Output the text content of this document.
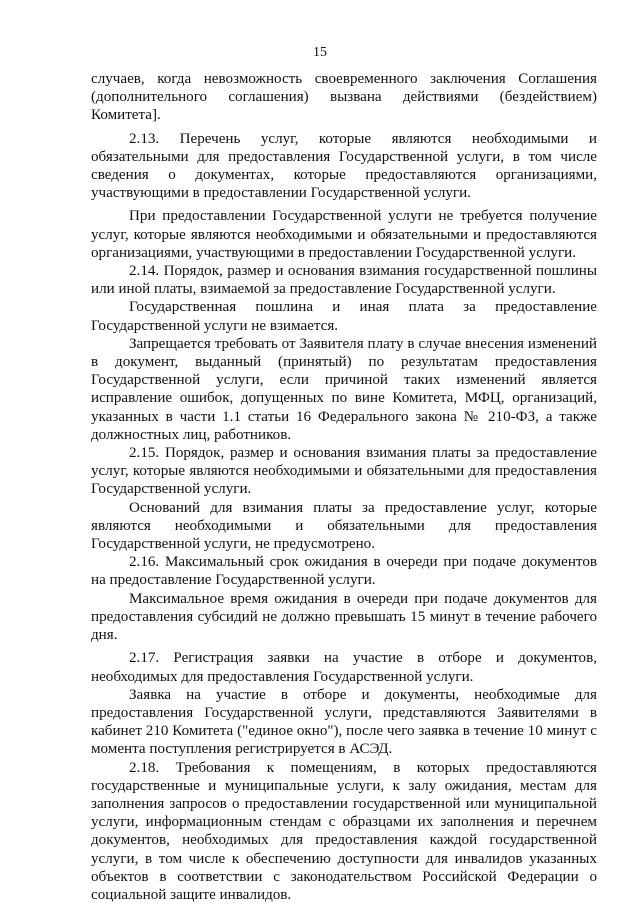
15

случаев, когда невозможность своевременного заключения Соглашения (дополнительного соглашения) вызвана действиями (бездействием) Комитета].

2.13. Перечень услуг, которые являются необходимыми и обязательными для предоставления Государственной услуги, в том числе сведения о документах, которые предоставляются организациями, участвующими в предоставлении Государственной услуги.

При предоставлении Государственной услуги не требуется получение услуг, которые являются необходимыми и обязательными и предоставляются организациями, участвующими в предоставлении Государственной услуги.

2.14. Порядок, размер и основания взимания государственной пошлины или иной платы, взимаемой за предоставление Государственной услуги.

Государственная пошлина и иная плата за предоставление Государственной услуги не взимается.

Запрещается требовать от Заявителя плату в случае внесения изменений в документ, выданный (принятый) по результатам предоставления Государственной услуги, если причиной таких изменений является исправление ошибок, допущенных по вине Комитета, МФЦ, организаций, указанных в части 1.1 статьи 16 Федерального закона № 210-ФЗ, а также должностных лиц, работников.

2.15. Порядок, размер и основания взимания платы за предоставление услуг, которые являются необходимыми и обязательными для предоставления Государственной услуги.

Оснований для взимания платы за предоставление услуг, которые являются необходимыми и обязательными для предоставления Государственной услуги, не предусмотрено.

2.16. Максимальный срок ожидания в очереди при подаче документов на предоставление Государственной услуги.

Максимальное время ожидания в очереди при подаче документов для предоставления субсидий не должно превышать 15 минут в течение рабочего дня.

2.17. Регистрация заявки на участие в отборе и документов, необходимых для предоставления Государственной услуги.

Заявка на участие в отборе и документы, необходимые для предоставления Государственной услуги, представляются Заявителями в кабинет 210 Комитета ("единое окно"), после чего заявка в течение 10 минут с момента поступления регистрируется в АСЭД.

2.18. Требования к помещениям, в которых предоставляются государственные и муниципальные услуги, к залу ожидания, местам для заполнения запросов о предоставлении государственной или муниципальной услуги, информационным стендам с образцами их заполнения и перечнем документов, необходимых для предоставления каждой государственной услуги, в том числе к обеспечению доступности для инвалидов указанных объектов в соответствии с законодательством Российской Федерации о социальной защите инвалидов.
